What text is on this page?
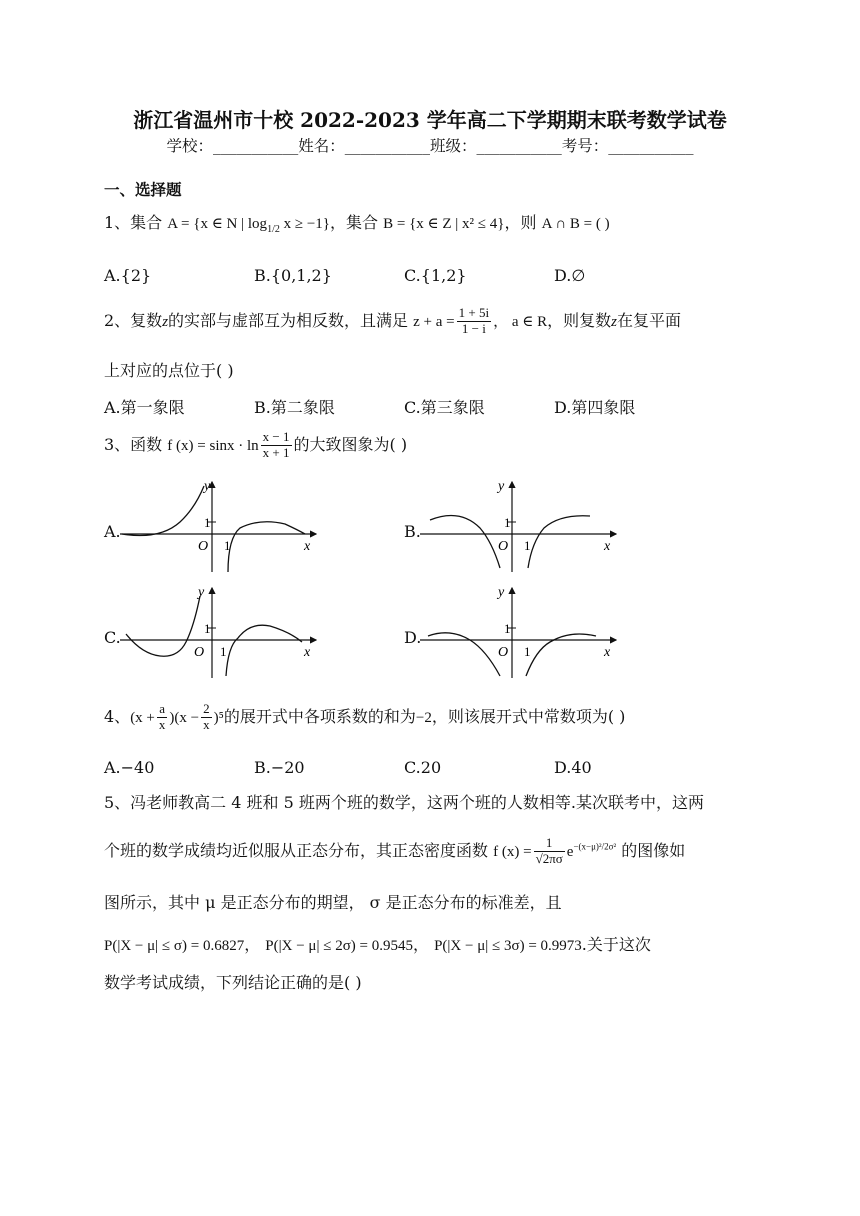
浙江省温州市十校 2022-2023 学年高二下学期期末联考数学试卷
学校：___________姓名：___________班级：___________考号：___________
一、选择题
1、集合 A = {x ∈ N | $\log_{1/2} x \ge -1$}，集合 B = {x ∈ Z | x² ≤ 4}，则 A ∩ B = ( )
A.{2}	B.{0,1,2}	C.{1,2}	D.∅
2、复数z的实部与虚部互为相反数，且满足 $z + a = \frac{1 + 5i}{1 - i}$ ， a ∈ R，则复数z在复平面
上对应的点位于( )
A.第一象限	B.第二象限	C.第三象限	D.第四象限
3、函数 f $(x) = \sin x \cdot \ln \frac{x - 1}{x + 1}$ 的大致图象为( )
A.
y
x
O
1
1
B.
y
x
O
1
1
C.
y
x
O
1
1
D.
y
x
O
1
1
4、$(x + \frac{a}{x} )(x - \frac{2}{x} )^5$的展开式中各项系数的和为−2，则该展开式中常数项为( )
A.−40	B.−20	C.20	D.40
5、冯老师教高二 4 班和 5 班两个班的数学，这两个班的人数相等.某次联考中，这两
个班的数学成绩均近似服从正态分布，其正态密度函数 f $(x) = \frac{1}{√2\pi\sigma} e^{-(x-\mu)^2/2\sigma^2}$ 的图像如
图所示，其中 μ 是正态分布的期望， σ 是正态分布的标准差，且
P(|X − μ| ≤ σ) = 0.6827， P(|X − μ| ≤ 2σ) = 0.9545， P(|X − μ| ≤ 3σ) = 0.9973.关于这次
数学考试成绩，下列结论正确的是( )
